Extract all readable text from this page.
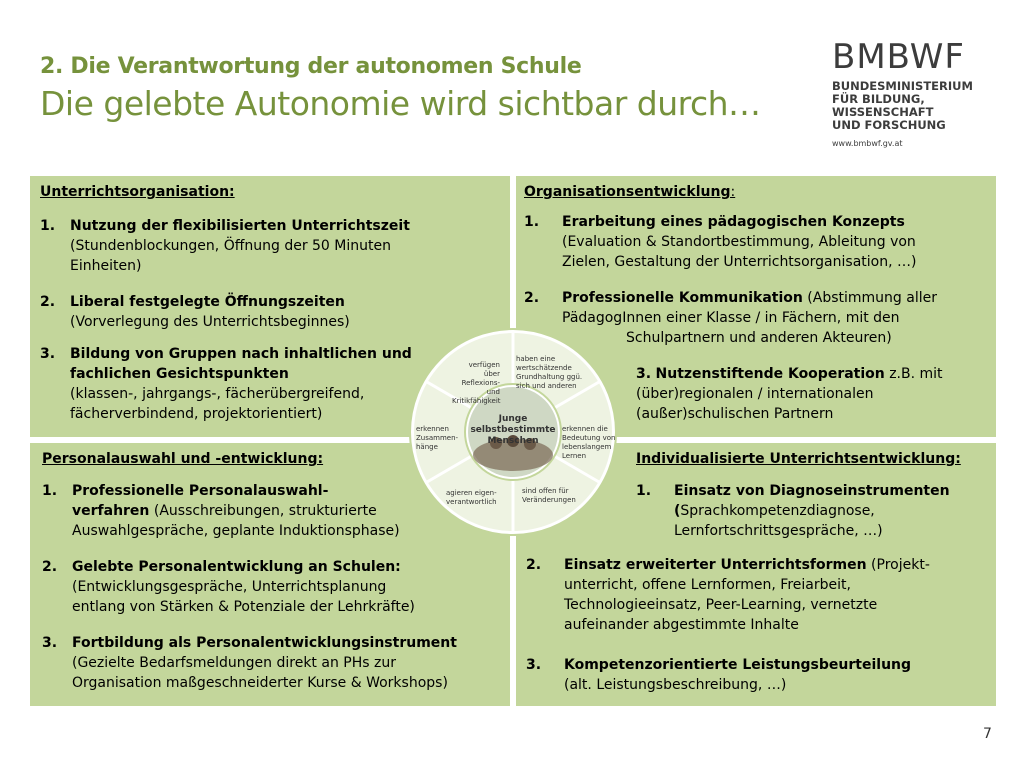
2. Die Verantwortung der autonomen Schule
Die gelebte Autonomie wird sichtbar durch…
BMBWF
BUNDESMINISTERIUM
FÜR BILDUNG, WISSENSCHAFT
UND FORSCHUNG
www.bmbwf.gv.at
Unterrichtsorganisation:
1. Nutzung der flexibilisierten Unterrichtszeit
(Stundenblockungen, Öffnung der 50 Minuten
Einheiten)
2. Liberal festgelegte Öffnungszeiten
(Vorverlegung des Unterrichtsbeginnes)
3. Bildung von Gruppen nach inhaltlichen und
fachlichen Gesichtspunkten
(klassen-, jahrgangs-, fächerübergreifend,
fächerverbindend, projektorientiert)
Organisationsentwicklung:
1. Erarbeitung eines pädagogischen Konzepts
(Evaluation & Standortbestimmung, Ableitung von
Zielen, Gestaltung der Unterrichtsorganisation, …)
2. Professionelle Kommunikation (Abstimmung aller
PädagogInnen einer Klasse / in Fächern, mit den
Schulpartnern und anderen Akteuren)
3. Nutzenstiftende Kooperation z.B. mit
(über)regionalen / internationalen
(außer)schulischen Partnern
Personalauswahl und -entwicklung:
1. Professionelle Personalauswahl-
verfahren (Ausschreibungen, strukturierte
Auswahlgespräche, geplante Induktionsphase)
2. Gelebte Personalentwicklung an Schulen:
(Entwicklungsgespräche, Unterrichtsplanung
entlang von Stärken & Potenziale der Lehrkräfte)
3. Fortbildung als Personalentwicklungsinstrument
(Gezielte Bedarfsmeldungen direkt an PHs zur
Organisation maßgeschneiderter Kurse & Workshops)
Individualisierte Unterrichtsentwicklung:
1. Einsatz von Diagnoseinstrumenten
(Sprachkompetenzdiagnose,
Lernfortschrittsgespräche, …)
2. Einsatz erweiterter Unterrichtsformen (Projekt-
unterricht, offene Lernformen, Freiarbeit,
Technologieeinsatz, Peer-Learning, vernetzte
aufeinander abgestimmte Inhalte
3. Kompetenzorientierte Leistungsbeurteilung
(alt. Leistungsbeschreibung, …)
Junge
selbstbestimmte
Menschen
verfügen über
Reflexions- und
Kritikfähigkeit
haben eine
wertschätzende
Grundhaltung ggü.
sich und anderen
erkennen die
Bedeutung von
lebenslangem
Lernen
sind offen für
Veränderungen
agieren eigen-
verantwortlich
erkennen
Zusammen-
hänge
7
